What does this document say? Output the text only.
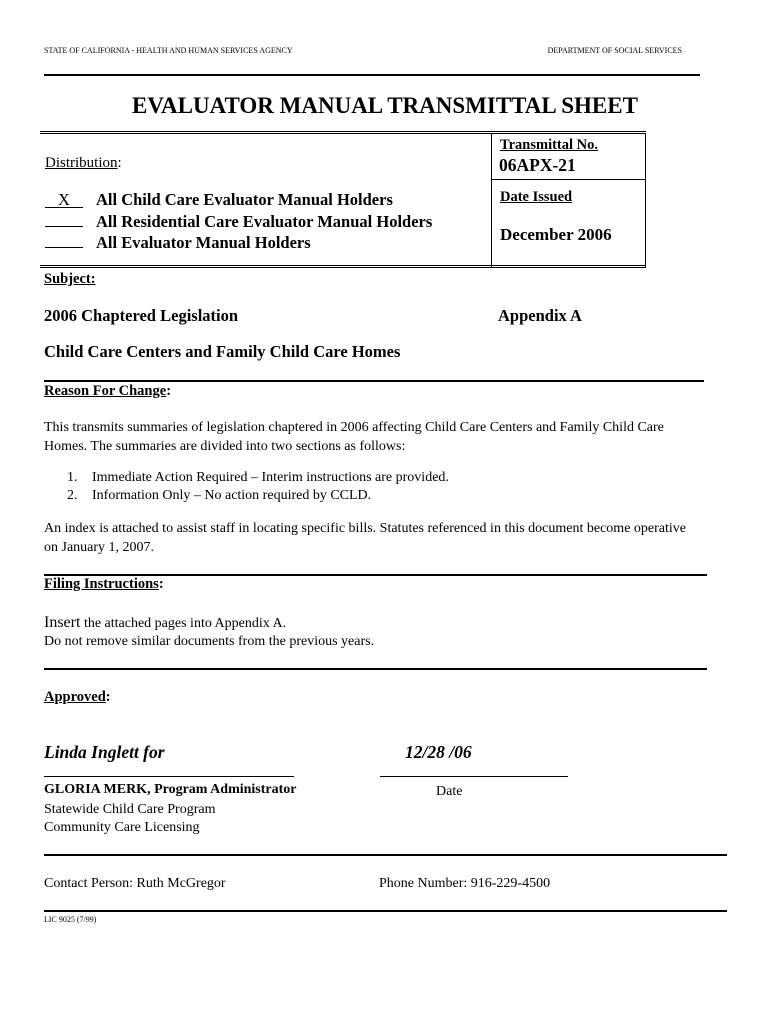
STATE OF CALIFORNIA - HEALTH AND HUMAN SERVICES AGENCY	DEPARTMENT OF SOCIAL SERVICES
EVALUATOR MANUAL TRANSMITTAL SHEET
Distribution:
X All Child Care Evaluator Manual Holders
All Residential Care Evaluator Manual Holders
All Evaluator Manual Holders
Transmittal No.
06APX-21
Date Issued
December 2006
Subject:
2006 Chaptered Legislation	Appendix A
Child Care Centers and Family Child Care Homes
Reason For Change:
This transmits summaries of legislation chaptered in 2006 affecting Child Care Centers and Family Child Care Homes. The summaries are divided into two sections as follows:
1. Immediate Action Required – Interim instructions are provided.
2. Information Only – No action required by CCLD.
An index is attached to assist staff in locating specific bills. Statutes referenced in this document become operative on January 1, 2007.
Filing Instructions:
Insert the attached pages into Appendix A.
Do not remove similar documents from the previous years.
Approved:
Linda Inglett for	12/28 /06
GLORIA MERK, Program Administrator	Date
Statewide Child Care Program
Community Care Licensing
Contact Person: Ruth McGregor	Phone Number: 916-229-4500
LIC 9025 (7/99)
